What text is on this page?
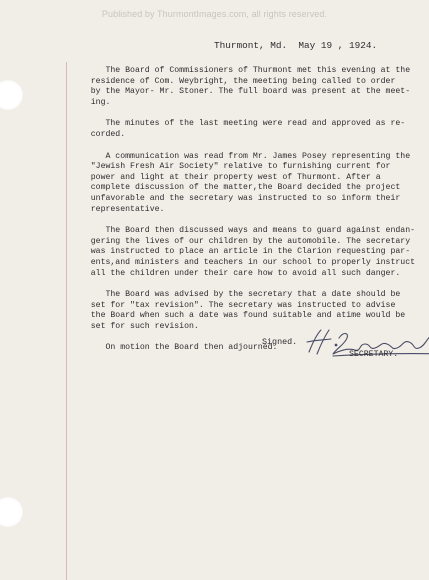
Published by ThurmontImages.com, all rights reserved.
Thurmont, Md.  May 19 , 1924.

The Board of Commissioners of Thurmont met this evening at the
residence of Com. Weybright, the meeting being called to order
by the Mayor- Mr. Stoner. The full board was present at the meet-
ing.

The minutes of the last meeting were read and approved as re-
corded.

A communication was read from Mr. James Posey representing the
"Jewish Fresh Air Society" relative to furnishing current for
power and light at their property west of Thurmont. After a
complete discussion of the matter,the Board decided the project
unfavorable and the secretary was instructed to so inform their
representative.

The Board then discussed ways and means to guard against endan-
gering the lives of our children by the automobile. The secretary
was instructed to place an article in the Clarion requesting par-
ents,and ministers and teachers in our school to properly instruct
all the children under their care how to avoid all such danger.

The Board was advised by the secretary that a date should be
set for "tax revision". The secretary was instructed to advise
the Board when such a date was found suitable and atime would be
set for such revision.

On motion the Board then adjourned.

Signed.
SECRETARY.
